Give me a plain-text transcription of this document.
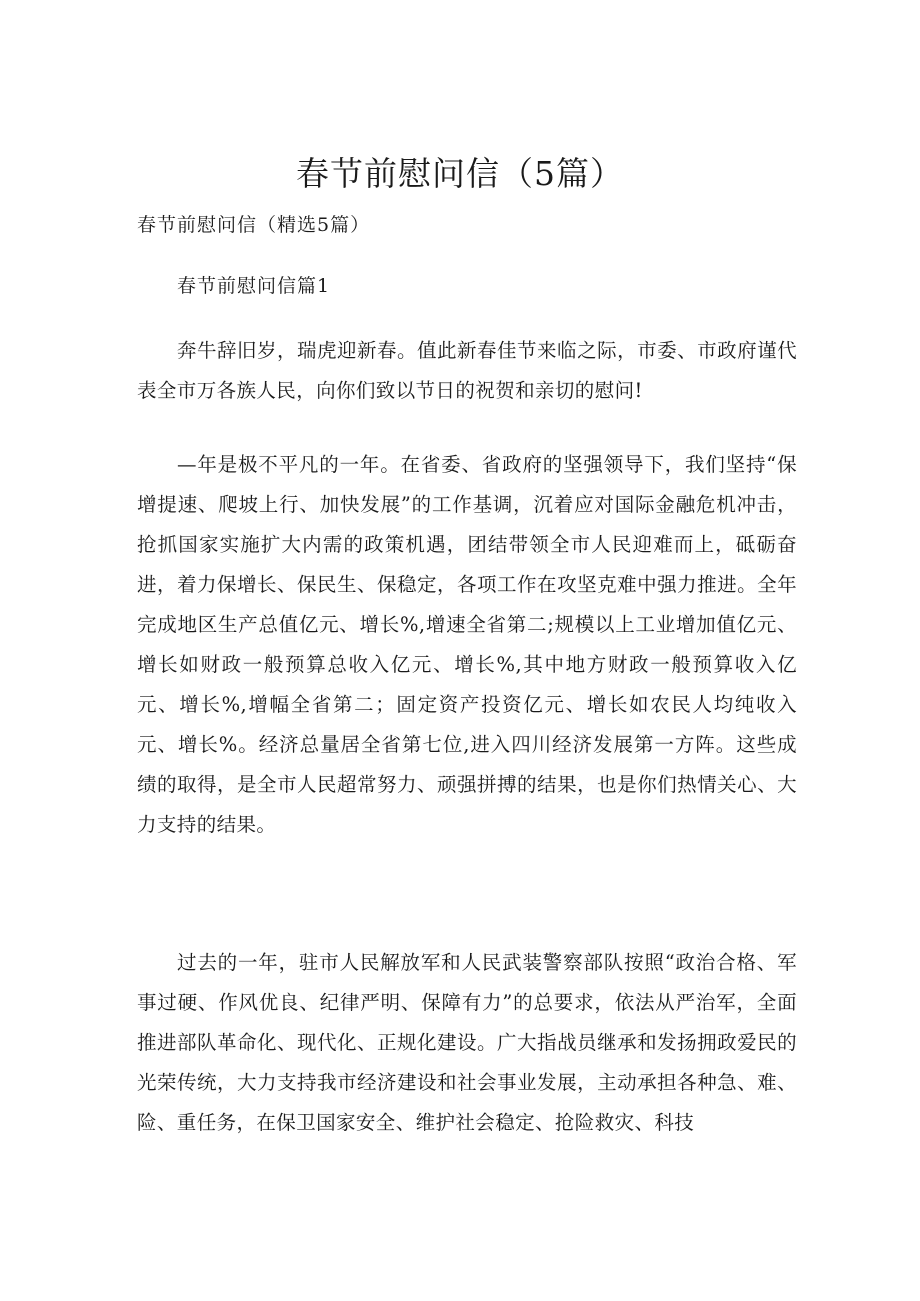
春节前慰问信（5篇）

春节前慰问信（精选5篇）

春节前慰问信篇1

奔牛辞旧岁，瑞虎迎新春。值此新春佳节来临之际，市委、市政府谨代表全市万各族人民，向你们致以节日的祝贺和亲切的慰问!

—年是极不平凡的一年。在省委、省政府的坚强领导下，我们坚持“保增提速、爬坡上行、加快发展”的工作基调，沉着应对国际金融危机冲击，抢抓国家实施扩大内需的政策机遇，团结带领全市人民迎难而上，砥砺奋进，着力保增长、保民生、保稳定，各项工作在攻坚克难中强力推进。全年完成地区生产总值亿元、增长%,增速全省第二;规模以上工业增加值亿元、增长如财政一般预算总收入亿元、增长%,其中地方财政一般预算收入亿元、增长%,增幅全省第二；固定资产投资亿元、增长如农民人均纯收入元、增长%。经济总量居全省第七位,进入四川经济发展第一方阵。这些成绩的取得，是全市人民超常努力、顽强拼搏的结果，也是你们热情关心、大力支持的结果。

过去的一年，驻市人民解放军和人民武装警察部队按照“政治合格、军事过硬、作风优良、纪律严明、保障有力”的总要求，依法从严治军，全面推进部队革命化、现代化、正规化建设。广大指战员继承和发扬拥政爱民的光荣传统，大力支持我市经济建设和社会事业发展，主动承担各种急、难、险、重任务，在保卫国家安全、维护社会稳定、抢险救灾、科技
